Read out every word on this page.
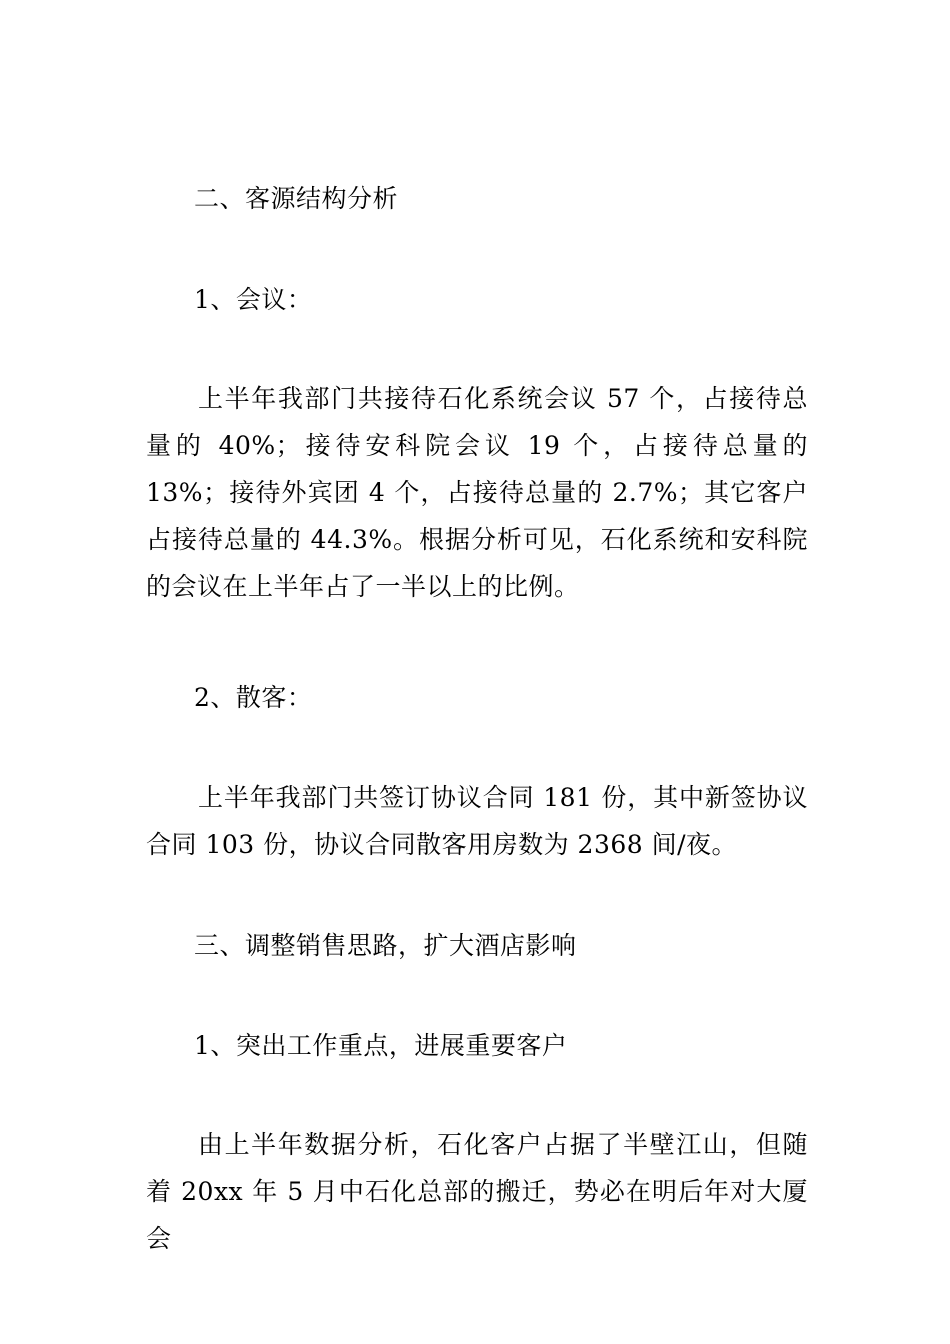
二、客源结构分析
1、会议：

上半年我部门共接待石化系统会议 57 个，占接待总量的 40%；接待安科院会议 19 个，占接待总量的 13%；接待外宾团 4 个，占接待总量的 2.7%；其它客户占接待总量的 44.3%。根据分析可见，石化系统和安科院的会议在上半年占了一半以上的比例。

2、散客：

上半年我部门共签订协议合同 181 份，其中新签协议合同 103 份，协议合同散客用房数为 2368 间/夜。

三、调整销售思路，扩大酒店影响
1、突出工作重点，进展重要客户

由上半年数据分析，石化客户占据了半壁江山，但随着 20xx 年 5 月中石化总部的搬迁，势必在明后年对大厦会
